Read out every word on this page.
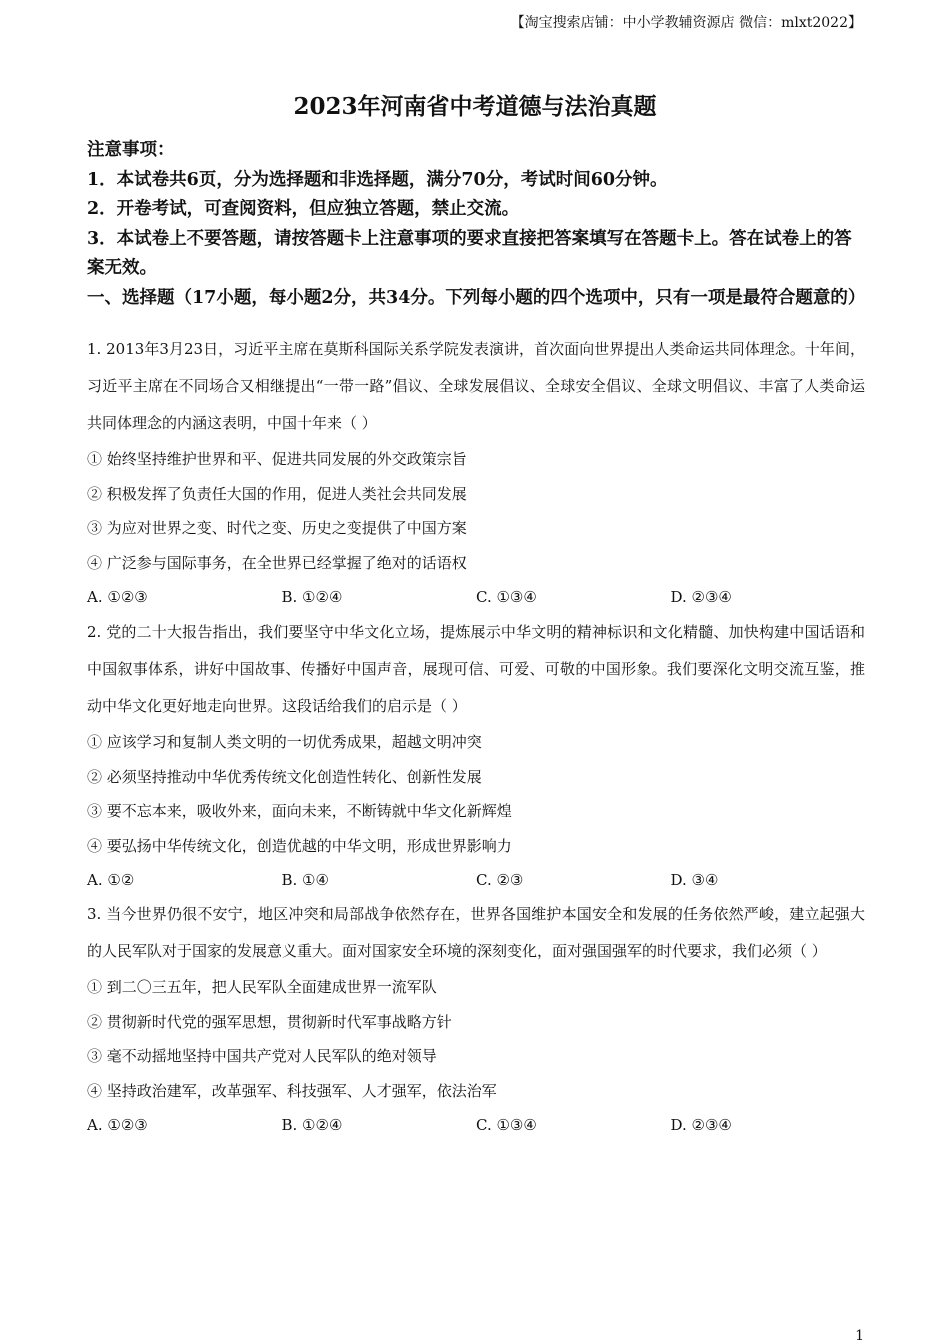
【淘宝搜索店铺：中小学教辅资源店 微信：mlxt2022】
2023年河南省中考道德与法治真题
注意事项：
1．本试卷共6页，分为选择题和非选择题，满分70分，考试时间60分钟。
2．开卷考试，可查阅资料，但应独立答题，禁止交流。
3．本试卷上不要答题，请按答题卡上注意事项的要求直接把答案填写在答题卡上。答在试卷上的答案无效。
一、选择题（17小题，每小题2分，共34分。下列每小题的四个选项中，只有一项是最符合题意的）
1. 2013年3月23日，习近平主席在莫斯科国际关系学院发表演讲，首次面向世界提出人类命运共同体理念。十年间，习近平主席在不同场合又相继提出“一带一路”倡议、全球发展倡议、全球安全倡议、全球文明倡议、丰富了人类命运共同体理念的内涵这表明，中国十年来（ ）
① 始终坚持维护世界和平、促进共同发展的外交政策宗旨
② 积极发挥了负责任大国的作用，促进人类社会共同发展
③ 为应对世界之变、时代之变、历史之变提供了中国方案
④ 广泛参与国际事务，在全世界已经掌握了绝对的话语权
A. ①②③	B. ①②④	C. ①③④	D. ②③④
2. 党的二十大报告指出，我们要坚守中华文化立场，提炼展示中华文明的精神标识和文化精髓、加快构建中国话语和中国叙事体系，讲好中国故事、传播好中国声音，展现可信、可爱、可敬的中国形象。我们要深化文明交流互鉴，推动中华文化更好地走向世界。这段话给我们的启示是（ ）
① 应该学习和复制人类文明的一切优秀成果，超越文明冲突
② 必须坚持推动中华优秀传统文化创造性转化、创新性发展
③ 要不忘本来，吸收外来，面向未来，不断铸就中华文化新辉煌
④ 要弘扬中华传统文化，创造优越的中华文明，形成世界影响力
A. ①②	B. ①④	C. ②③	D. ③④
3. 当今世界仍很不安宁，地区冲突和局部战争依然存在，世界各国维护本国安全和发展的任务依然严峻，建立起强大的人民军队对于国家的发展意义重大。面对国家安全环境的深刻变化，面对强国强军的时代要求，我们必须（ ）
① 到二〇三五年，把人民军队全面建成世界一流军队
② 贯彻新时代党的强军思想，贯彻新时代军事战略方针
③ 毫不动摇地坚持中国共产党对人民军队的绝对领导
④ 坚持政治建军，改革强军、科技强军、人才强军，依法治军
A. ①②③	B. ①②④	C. ①③④	D. ②③④
1
